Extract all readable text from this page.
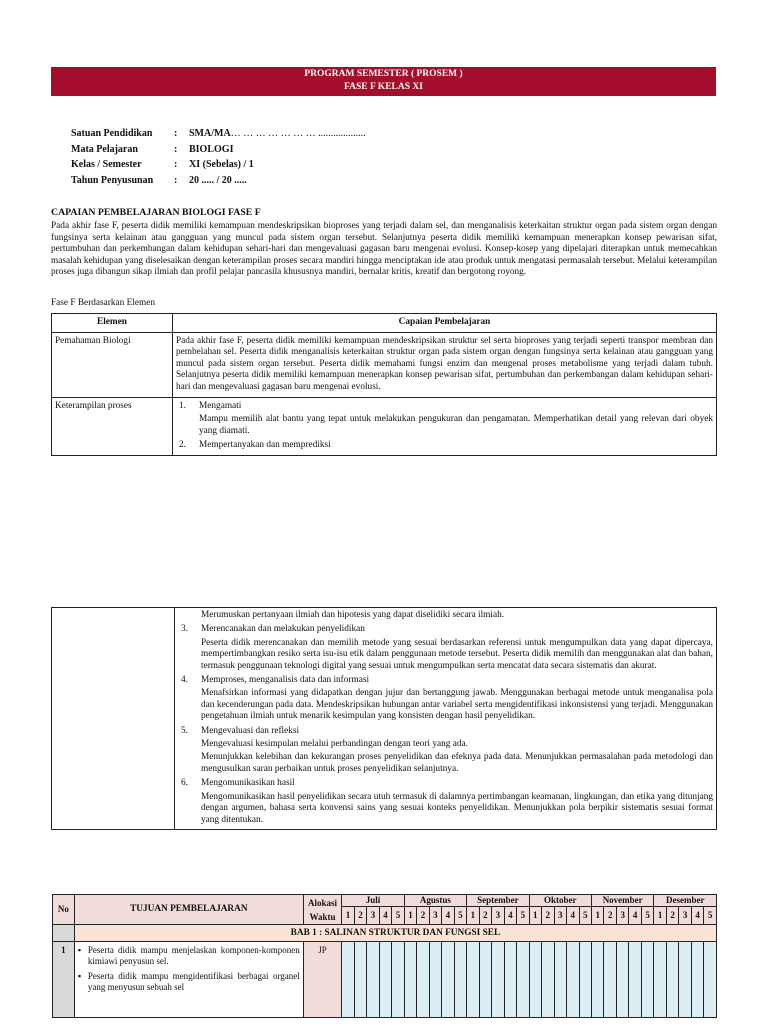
PROGRAM SEMESTER ( PROSEM )
FASE F KELAS XI
Satuan Pendidikan	:	SMA/MA … … … … … … … ...................
Mata Pelajaran	:	BIOLOGI
Kelas / Semester	:	XI (Sebelas) / 1
Tahun Penyusunan	:	20 ..... / 20 .....
CAPAIAN PEMBELAJARAN BIOLOGI FASE F
Pada akhir fase F, peserta didik memiliki kemampuan mendeskripsikan bioproses yang terjadi dalam sel, dan menganalisis keterkaitan struktur organ pada sistem organ dengan fungsinya serta kelainan atau gangguan yang muncul pada sistem organ tersebut. Selanjutnya peserta didik memiliki kemampuan menerapkan konsep pewarisan sifat, pertumbuhan dan perkembangan dalam kehidupan sehari-hari dan mengevaluasi gagasan baru mengenai evolusi. Konsep-kosep yang dipelajari diterapkan untuk memecahkan masalah kehidupan yang diselesaikan dengan keterampilan proses secara mandiri hingga menciptakan ide atau produk untuk mengatasi permasalah tersebut. Melalui keterampilan proses juga dibangun sikap ilmiah dan profil pelajar pancasila khususnya mandiri, bernalar kritis, kreatif dan bergotong royong.
Fase F Berdasarkan Elemen
Elemen	Capaian Pembelajaran
Pemahaman Biologi	Pada akhir fase F, peserta didik memiliki kemampuan mendeskripsikan struktur sel serta bioproses yang terjadi seperti transpor membran dan pembelahan sel. Peserta didik menganalisis keterkaitan struktur organ pada sistem organ dengan fungsinya serta kelainan atau gangguan yang muncul pada sistem organ tersebut. Peserta didik memahami fungsi enzim dan mengenal proses metabolisme yang terjadi dalam tubuh. Selanjutnya peserta didik memiliki kemampuan menerapkan konsep pewarisan sifat, pertumbuhan dan perkembangan dalam kehidupan sehari-hari dan mengevaluasi gagasan baru mengenai evolusi.
Keterampilan proses	1. Mengamati
Mampu memilih alat bantu yang tepat untuk melakukan pengukuran dan pengamatan. Memperhatikan detail yang relevan dari obyek yang diamati.
2. Mempertanyakan dan memprediksi

Merumuskan pertanyaan ilmiah dan hipotesis yang dapat diselidiki secara ilmiah.
3. Merencanakan dan melakukan penyelidikan
Peserta didik merencanakan dan memilih metode yang sesuai berdasarkan referensi untuk mengumpulkan data yang dapat dipercaya, mempertimbangkan resiko serta isu-isu etik dalam penggunaan metode tersebut. Peserta didik memilih dan menggunakan alat dan bahan, termasuk penggunaan teknologi digital yang sesuai untuk mengumpulkan serta mencatat data secara sistematis dan akurat.
4. Memproses, menganalisis data dan informasi
Menafsirkan informasi yang didapatkan dengan jujur dan bertanggung jawab. Menggunakan berbagai metode untuk menganalisa pola dan kecenderungan pada data. Mendeskripsikan hubungan antar variabel serta mengidentifikasi inkonsistensi yang terjadi. Menggunakan pengetahuan ilmiah untuk menarik kesimpulan yang konsisten dengan hasil penyelidikan.
5. Mengevaluasi dan refleksi
Mengevaluasi kesimpulan melalui perbandingan dengan teori yang ada.
Menunjukkan kelebihan dan kekurangan proses penyelidikan dan efeknya pada data. Menunjukkan permasalahan pada metodologi dan mengusulkan saran perbaikan untuk proses penyelidikan selanjutnya.
6. Mengomunikasikan hasil
Mengomunikasikan hasil penyelidikan secara utuh termasuk di dalamnya pertimbangan keamanan, lingkungan, dan etika yang ditunjang dengan argumen, bahasa serta konvensi sains yang sesuai konteks penyelidikan. Menunjukkan pola berpikir sistematis sesuai format yang ditentukan.
No	TUJUAN PEMBELAJARAN	Alokasi Waktu	Juli					Agustus					September					Oktober					November					Desember				
			1	2	3	4	5	1	2	3	4	5	1	2	3	4	5	1	2	3	4	5	1	2	3	4	5	1	2	3	4	5
	BAB 1 : SALINAN STRUKTUR DAN FUNGSI SEL																															
1	▪ Peserta didik mampu menjelaskan komponen-komponen kimiawi penyusun sel.
▪ Peserta didik mampu mengidentifikasi berbagai organel yang menyusun sebuah sel	JP																														
